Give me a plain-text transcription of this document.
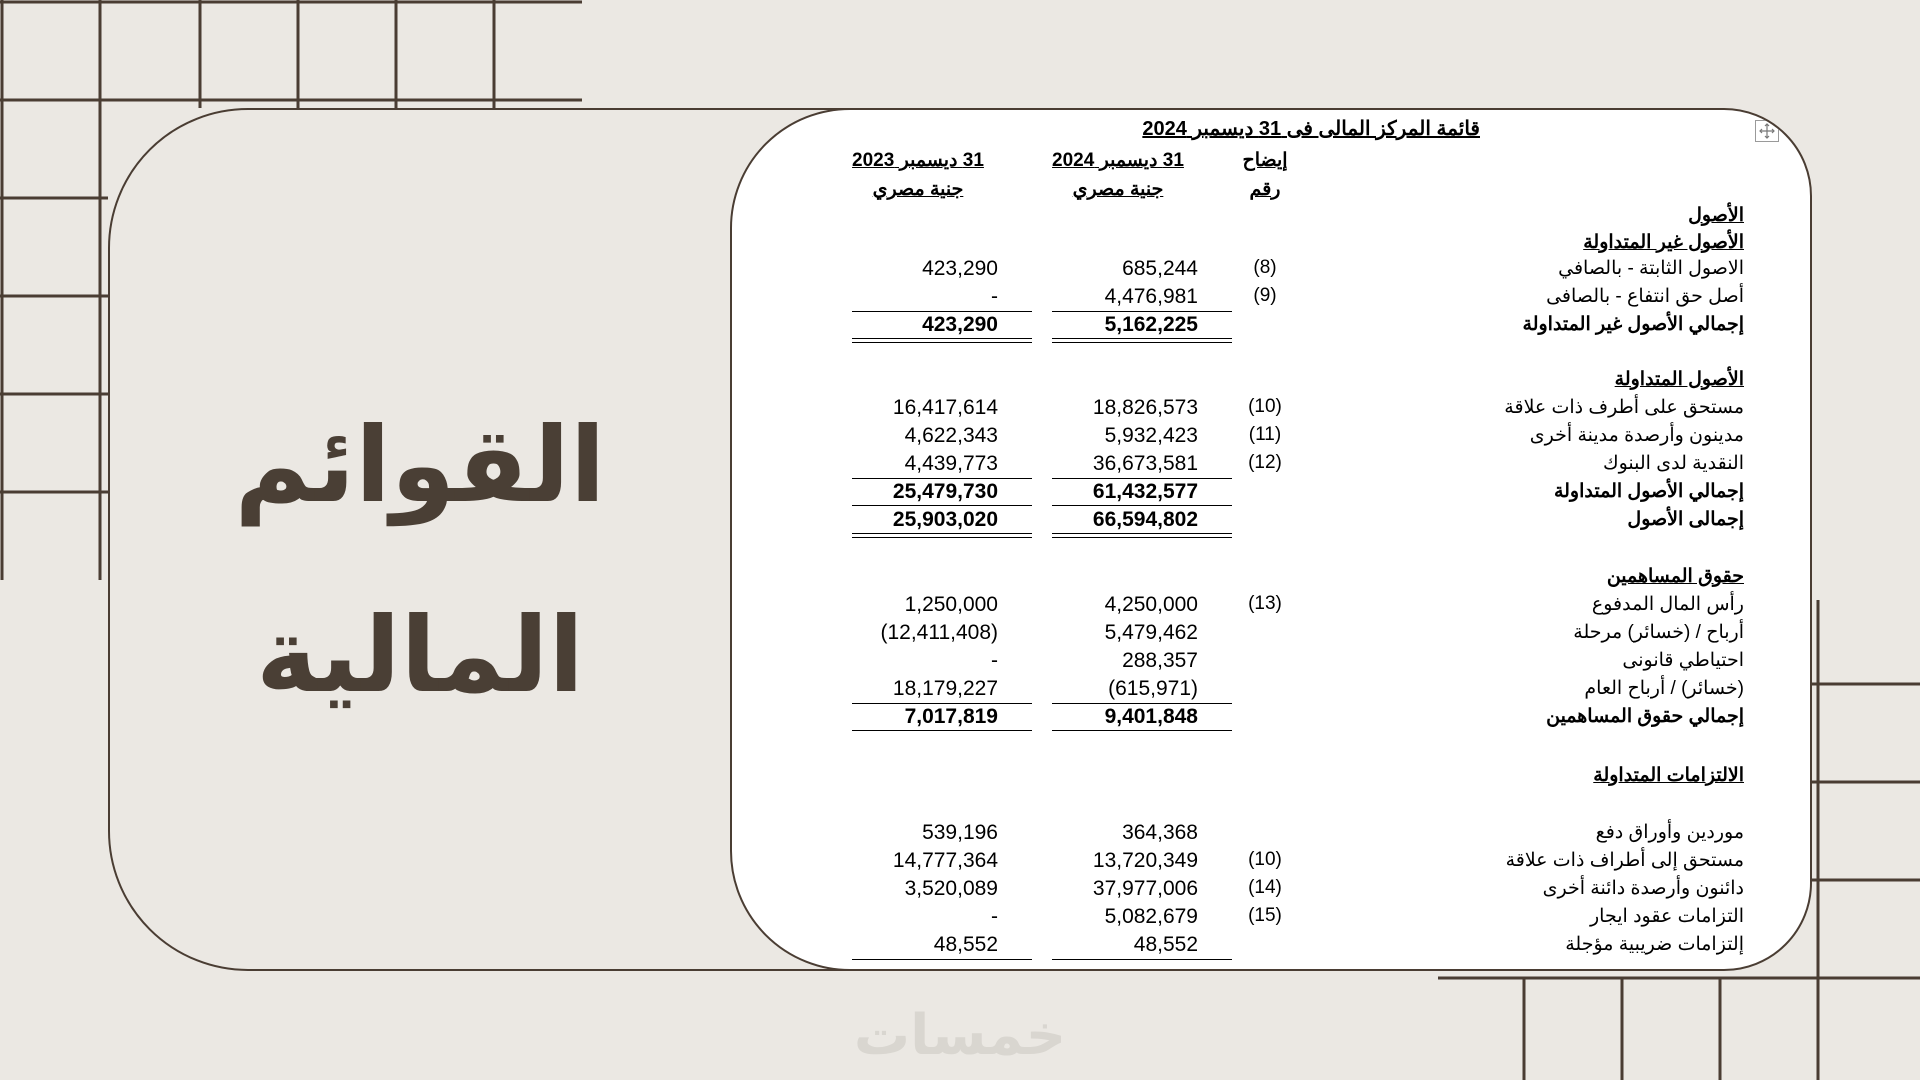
القوائم
المالية
قائمة المركز المالى فى 31 ديسمبر 2024
إيضاح
رقم
31 ديسمبر 2024
جنية مصري
31 ديسمبر 2023
جنية مصري
الأصول
الأصول غير المتداولة
الاصول الثابتة - بالصافي
(8)
685,244
423,290
أصل حق انتفاع - بالصافى
(9)
4,476,981
-
إجمالي الأصول غير المتداولة
5,162,225
423,290
الأصول المتداولة
مستحق على أطرف ذات علاقة
(10)
18,826,573
16,417,614
مدينون وأرصدة مدينة أخرى
(11)
5,932,423
4,622,343
النقدية لدى البنوك
(12)
36,673,581
4,439,773
إجمالي الأصول المتداولة
61,432,577
25,479,730
إجمالى الأصول
66,594,802
25,903,020
حقوق المساهمين
رأس المال المدفوع
(13)
4,250,000
1,250,000
أرباح / (خسائر) مرحلة
5,479,462
(12,411,408)
احتياطي قانونى
288,357
-
(خسائر) / أرباح العام
(615,971)
18,179,227
إجمالي حقوق المساهمين
9,401,848
7,017,819
الالتزامات المتداولة
موردين وأوراق دفع
364,368
539,196
مستحق إلى أطراف ذات علاقة
(10)
13,720,349
14,777,364
دائنون وأرصدة دائنة أخرى
(14)
37,977,006
3,520,089
التزامات عقود ايجار
(15)
5,082,679
-
إلتزامات ضريبية مؤجلة
48,552
48,552
خمسات
